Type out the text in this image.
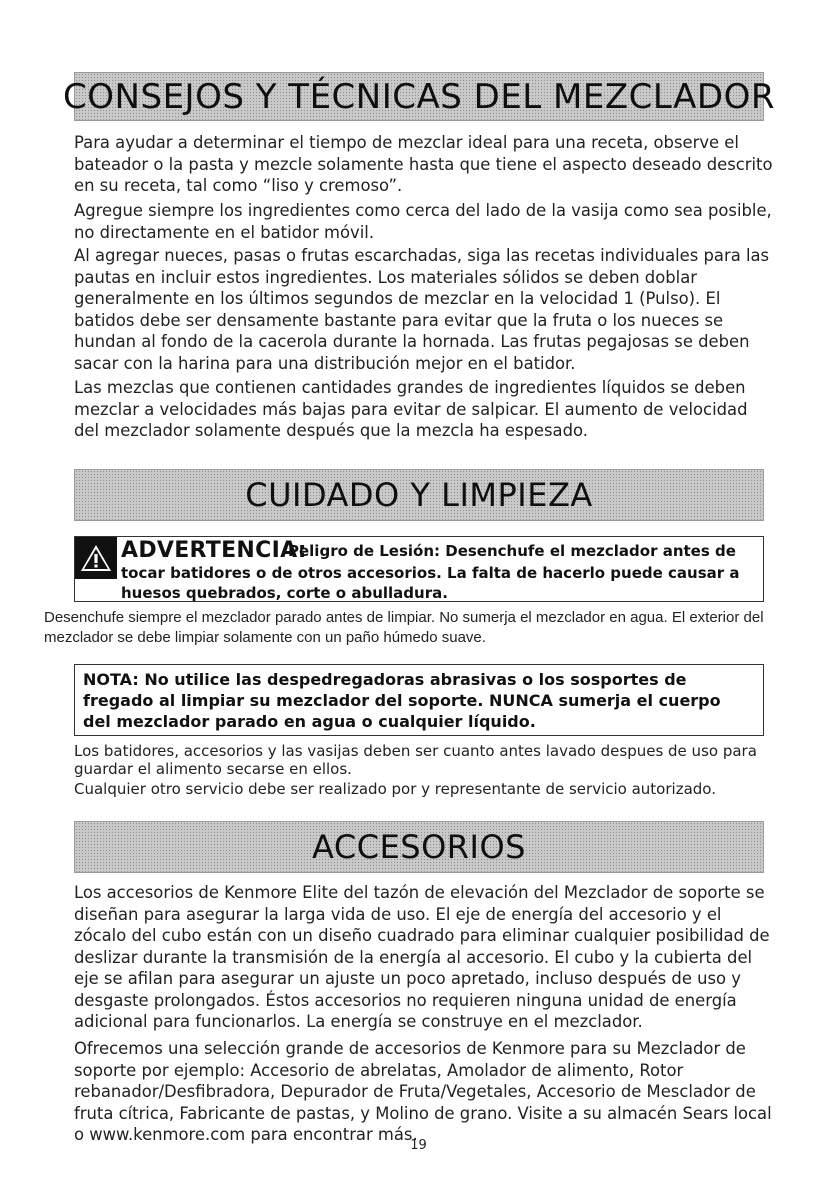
CONSEJOS Y TÉCNICAS DEL MEZCLADOR

Para ayudar a determinar el tiempo de mezclar ideal para una receta, observe el bateador o la pasta y mezcle solamente hasta que tiene el aspecto deseado descrito en su receta, tal como “liso y cremoso”.

Agregue siempre los ingredientes como cerca del lado de la vasija como sea posible, no directamente en el batidor móvil.

Al agregar nueces, pasas o frutas escarchadas, siga las recetas individuales para las pautas en incluir estos ingredientes. Los materiales sólidos se deben doblar generalmente en los últimos segundos de mezclar en la velocidad 1 (Pulso). El batidos debe ser densamente bastante para evitar que la fruta o los nueces se hundan al fondo de la cacerola durante la hornada. Las frutas pegajosas se deben sacar con la harina para una distribución mejor en el batidor.

Las mezclas que contienen cantidades grandes de ingredientes líquidos se deben mezclar a velocidades más bajas para evitar de salpicar. El aumento de velocidad del mezclador solamente después que la mezcla ha espesado.

CUIDADO Y LIMPIEZA
ADVERTENCIA:
Peligro de Lesión: Desenchufe el mezclador antes de
tocar batidores o de otros accesorios. La falta de hacerlo puede causar a huesos quebrados, corte o abulladura.

Desenchufe siempre el mezclador parado antes de limpiar. No sumerja el mezclador en agua. El exterior del mezclador se debe limpiar solamente con un paño húmedo suave.

NOTA: No utilice las despedregadoras abrasivas o los sosportes de fregado al limpiar su mezclador del soporte. NUNCA sumerja el cuerpo del mezclador parado en agua o cualquier líquido.

Los batidores, accesorios y las vasijas deben ser cuanto antes lavado despues de uso para guardar el alimento secarse en ellos.

Cualquier otro servicio debe ser realizado por y representante de servicio autorizado.

ACCESORIOS

Los accesorios de Kenmore Elite del tazón de elevación del Mezclador de soporte se diseñan para asegurar la larga vida de uso. El eje de energía del accesorio y el zócalo del cubo están con un diseño cuadrado para eliminar cualquier posibilidad de deslizar durante la transmisión de la energía al accesorio. El cubo y la cubierta del eje se afilan para asegurar un ajuste un poco apretado, incluso después de uso y desgaste prolongados. Éstos accesorios no requieren ninguna unidad de energía adicional para funcionarlos. La energía se construye en el mezclador.

Ofrecemos una selección grande de accesorios de Kenmore para su Mezclador de soporte por ejemplo: Accesorio de abrelatas, Amolador de alimento, Rotor rebanador/Desfibradora, Depurador de Fruta/Vegetales, Accesorio de Mesclador de fruta cítrica, Fabricante de pastas, y Molino de grano. Visite a su almacén Sears local o www.kenmore.com para encontrar más.

19
